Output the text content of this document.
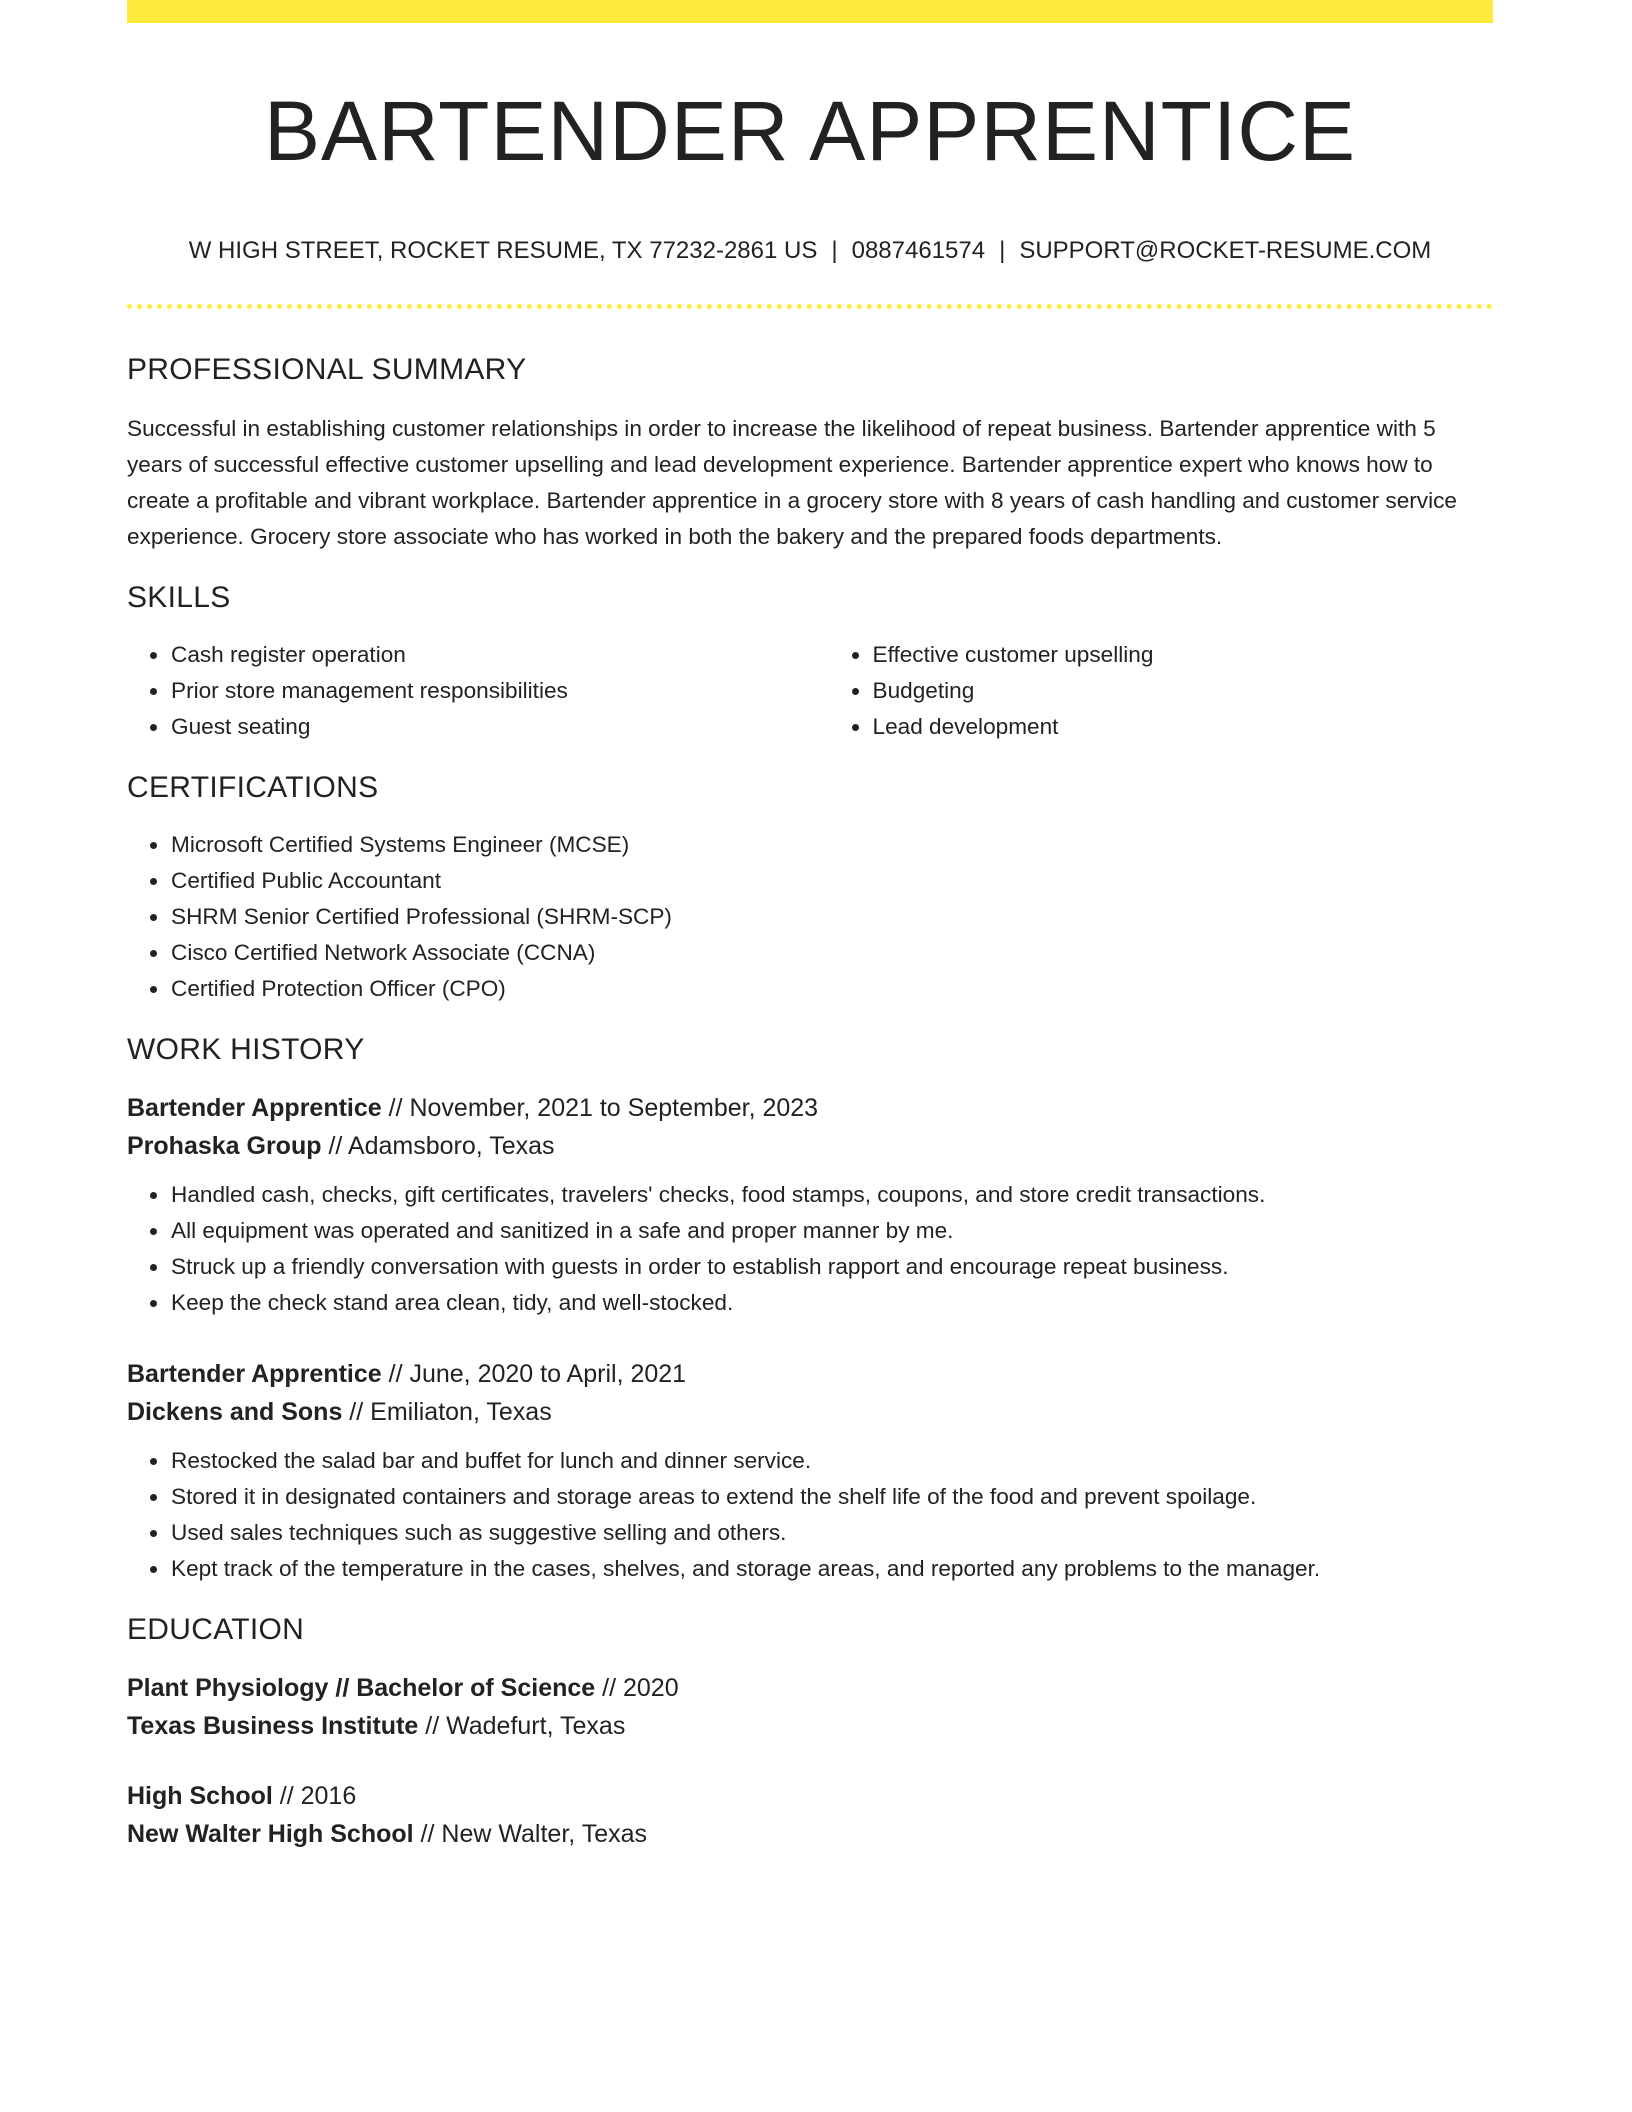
BARTENDER APPRENTICE
W HIGH STREET, ROCKET RESUME, TX 77232-2861 US | 0887461574 | SUPPORT@ROCKET-RESUME.COM
PROFESSIONAL SUMMARY
Successful in establishing customer relationships in order to increase the likelihood of repeat business. Bartender apprentice with 5 years of successful effective customer upselling and lead development experience. Bartender apprentice expert who knows how to create a profitable and vibrant workplace. Bartender apprentice in a grocery store with 8 years of cash handling and customer service experience. Grocery store associate who has worked in both the bakery and the prepared foods departments.
SKILLS
• Cash register operation
• Prior store management responsibilities
• Guest seating
• Effective customer upselling
• Budgeting
• Lead development
CERTIFICATIONS
• Microsoft Certified Systems Engineer (MCSE)
• Certified Public Accountant
• SHRM Senior Certified Professional (SHRM-SCP)
• Cisco Certified Network Associate (CCNA)
• Certified Protection Officer (CPO)
WORK HISTORY
Bartender Apprentice // November, 2021 to September, 2023
Prohaska Group // Adamsboro, Texas
• Handled cash, checks, gift certificates, travelers' checks, food stamps, coupons, and store credit transactions.
• All equipment was operated and sanitized in a safe and proper manner by me.
• Struck up a friendly conversation with guests in order to establish rapport and encourage repeat business.
• Keep the check stand area clean, tidy, and well-stocked.
Bartender Apprentice // June, 2020 to April, 2021
Dickens and Sons // Emiliaton, Texas
• Restocked the salad bar and buffet for lunch and dinner service.
• Stored it in designated containers and storage areas to extend the shelf life of the food and prevent spoilage.
• Used sales techniques such as suggestive selling and others.
• Kept track of the temperature in the cases, shelves, and storage areas, and reported any problems to the manager.
EDUCATION
Plant Physiology // Bachelor of Science // 2020
Texas Business Institute // Wadefurt, Texas
High School // 2016
New Walter High School // New Walter, Texas
